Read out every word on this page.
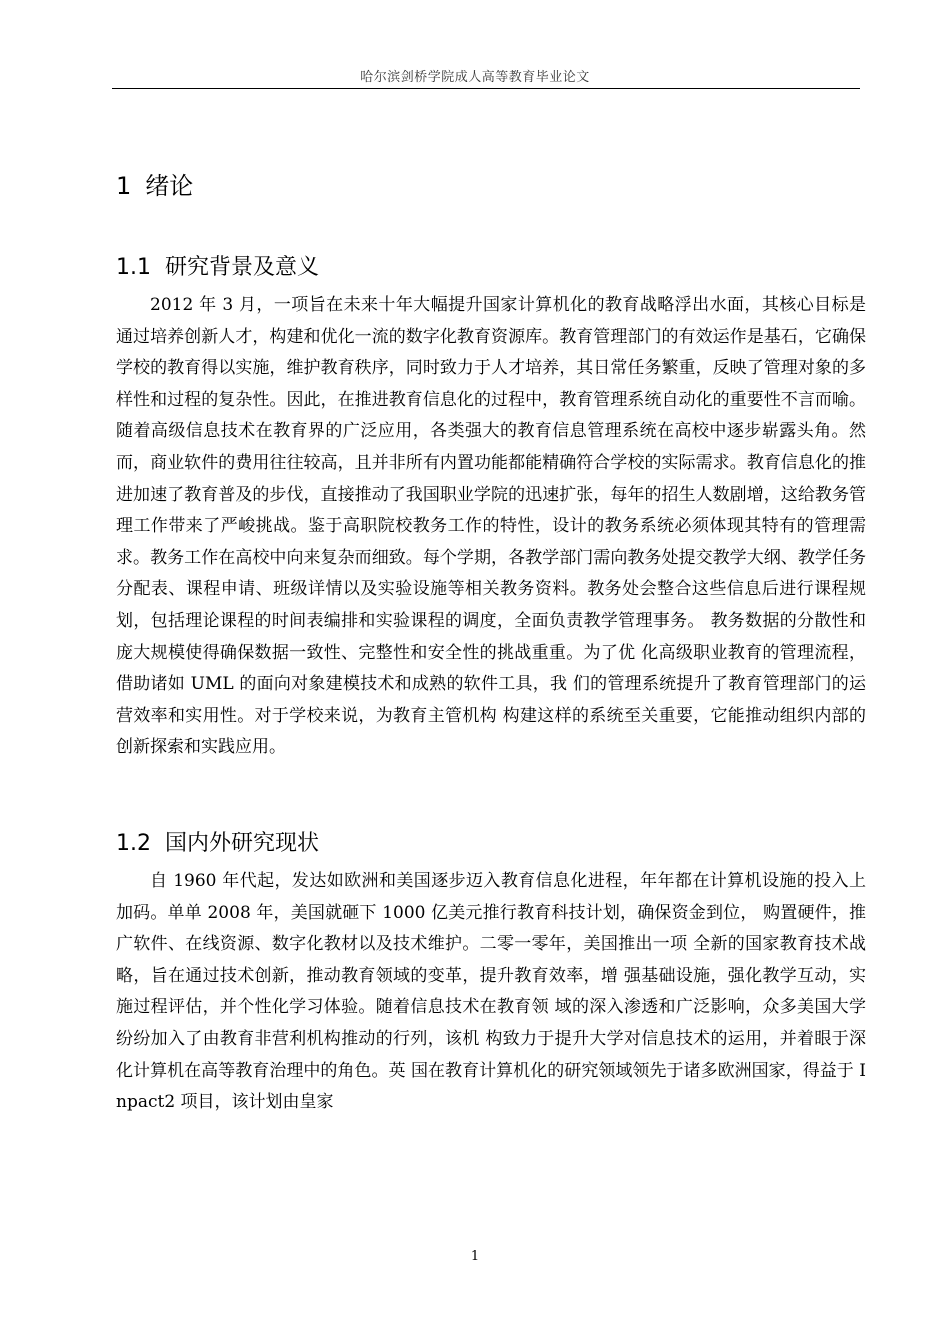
哈尔滨剑桥学院成人高等教育毕业论文
1 绪论
1.1 研究背景及意义

2012 年 3 月，一项旨在未来十年大幅提升国家计算机化的教育战略浮出水面，其核心目标是通过培养创新人才，构建和优化一流的数字化教育资源库。教育管理部门的有效运作是基石，它确保学校的教育得以实施，维护教育秩序，同时致力于人才培养，其日常任务繁重，反映了管理对象的多样性和过程的复杂性。因此，在推进教育信息化的过程中，教育管理系统自动化的重要性不言而喻。随着高级信息技术在教育界的广泛应用，各类强大的教育信息管理系统在高校中逐步崭露头角。然而，商业软件的费用往往较高，且并非所有内置功能都能精确符合学校的实际需求。教育信息化的推进加速了教育普及的步伐，直接推动了我国职业学院的迅速扩张，每年的招生人数剧增，这给教务管理工作带来了严峻挑战。鉴于高职院校教务工作的特性，设计的教务系统必须体现其特有的管理需求。教务工作在高校中向来复杂而细致。每个学期，各教学部门需向教务处提交教学大纲、教学任务分配表、课程申请、班级详情以及实验设施等相关教务资料。教务处会整合这些信息后进行课程规划，包括理论课程的时间表编排和实验课程的调度，全面负责教学管理事务。 教务数据的分散性和庞大规模使得确保数据一致性、完整性和安全性的挑战重重。为了优 化高级职业教育的管理流程，借助诸如 UML 的面向对象建模技术和成熟的软件工具，我 们的管理系统提升了教育管理部门的运营效率和实用性。对于学校来说，为教育主管机构 构建这样的系统至关重要，它能推动组织内部的创新探索和实践应用。

1.2 国内外研究现状

自 1960 年代起，发达如欧洲和美国逐步迈入教育信息化进程，年年都在计算机设施的投入上加码。单单 2008 年，美国就砸下 1000 亿美元推行教育科技计划，确保资金到位， 购置硬件，推广软件、在线资源、数字化教材以及技术维护。二零一零年，美国推出一项 全新的国家教育技术战略，旨在通过技术创新，推动教育领域的变革，提升教育效率，增 强基础设施，强化教学互动，实施过程评估，并个性化学习体验。随着信息技术在教育领 域的深入渗透和广泛影响，众多美国大学纷纷加入了由教育非营利机构推动的行列，该机 构致力于提升大学对信息技术的运用，并着眼于深化计算机在高等教育治理中的角色。英 国在教育计算机化的研究领域领先于诸多欧洲国家，得益于 Inpact2 项目，该计划由皇家

1
